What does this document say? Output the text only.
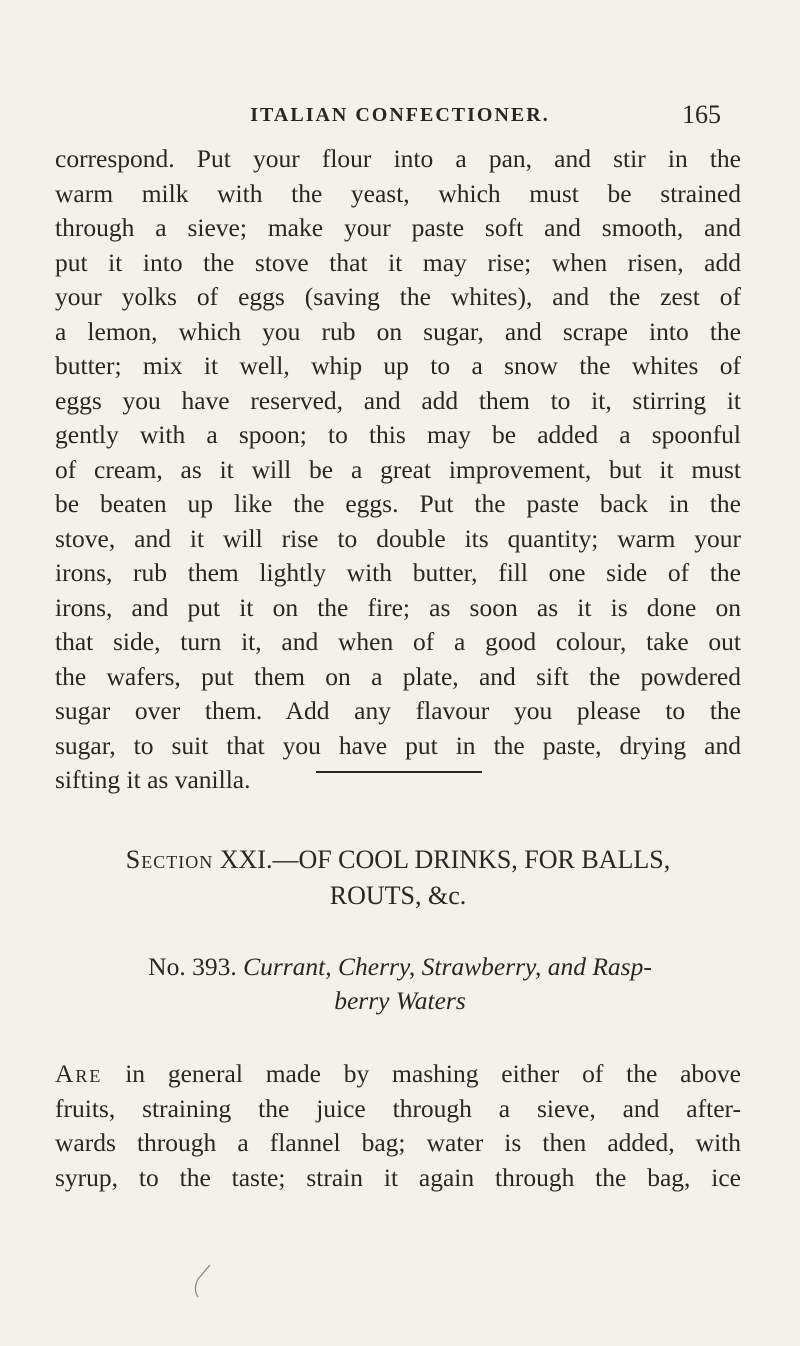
ITALIAN CONFECTIONER.	165
correspond. Put your flour into a pan, and stir in the
warm milk with the yeast, which must be strained
through a sieve; make your paste soft and smooth, and
put it into the stove that it may rise; when risen, add
your yolks of eggs (saving the whites), and the zest of
a lemon, which you rub on sugar, and scrape into the
butter; mix it well, whip up to a snow the whites of
eggs you have reserved, and add them to it, stirring it
gently with a spoon; to this may be added a spoonful
of cream, as it will be a great improvement, but it must
be beaten up like the eggs. Put the paste back in the
stove, and it will rise to double its quantity; warm your
irons, rub them lightly with butter, fill one side of the
irons, and put it on the fire; as soon as it is done on
that side, turn it, and when of a good colour, take out
the wafers, put them on a plate, and sift the powdered
sugar over them. Add any flavour you please to the
sugar, to suit that you have put in the paste, drying and
sifting it as vanilla.
Section XXI.—OF COOL DRINKS, FOR BALLS,
ROUTS, &c.
No. 393. Currant, Cherry, Strawberry, and Rasp-
berry Waters
Are in general made by mashing either of the above
fruits, straining the juice through a sieve, and after-
wards through a flannel bag; water is then added, with
syrup, to the taste; strain it again through the bag, ice
